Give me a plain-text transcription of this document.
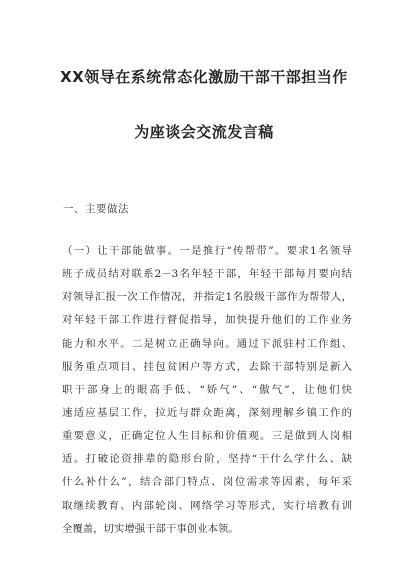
XX领导在系统常态化激励干部干部担当作
为座谈会交流发言稿
一、主要做法
（一）让干部能做事。一是推行“传帮带”。要求1名领导
班子成员结对联系2－3名年轻干部，年轻干部每月要向结
对领导汇报一次工作情况，并指定1名股级干部作为帮带人，
对年轻干部工作进行督促指导，加快提升他们的工作业务
能力和水平。二是树立正确导向。通过下派驻村工作组、
服务重点项目、挂包贫困户等方式，去除干部特别是新入
职干部身上的眼高手低、“娇气”、“傲气”，让他们快
速适应基层工作，拉近与群众距离，深刻理解乡镇工作的
重要意义，正确定位人生目标和价值观。三是做到人岗相
适。打破论资排辈的隐形台阶，坚持“干什么学什么、缺
什么补什么”，结合部门特点、岗位需求等因素，每年采
取继续教育、内部轮岗、网络学习等形式，实行培教有训
全覆盖，切实增强干部干事创业本领。
